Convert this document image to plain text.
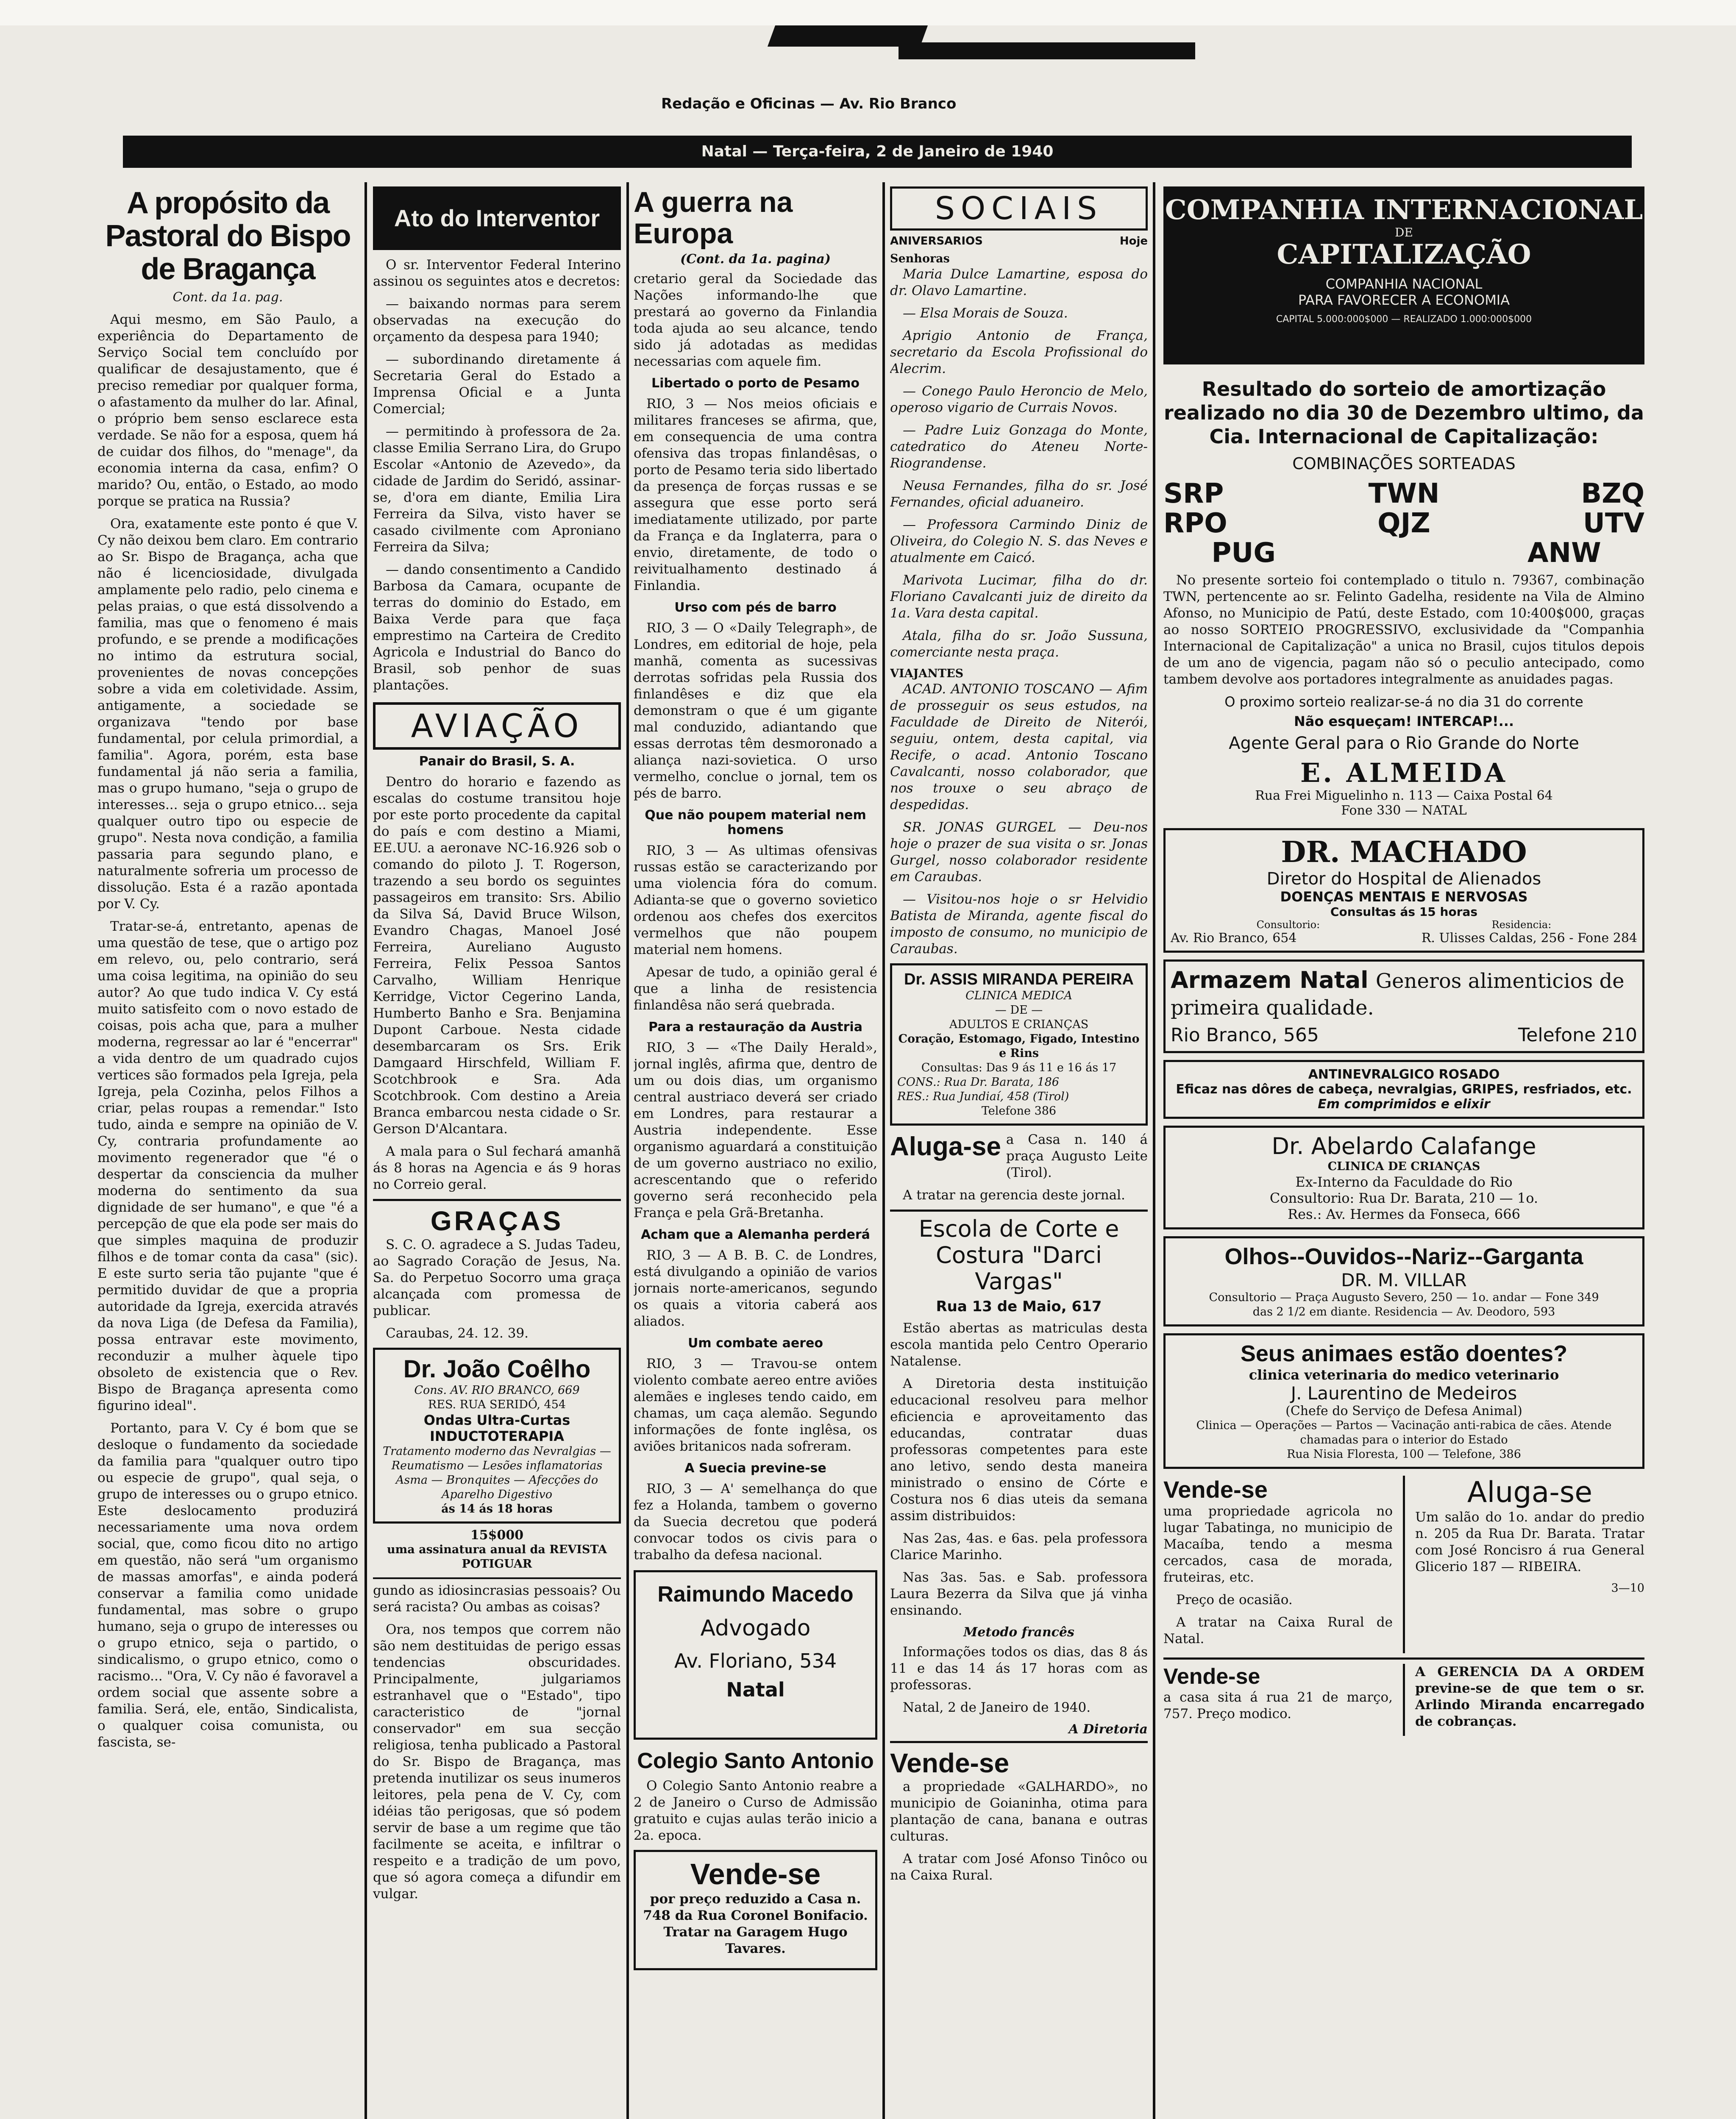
Redação e Oficinas — Av. Rio Branco
Natal — Terça-feira, 2 de Janeiro de 1940
A propósito da Pastoral do Bispo de Bragança
Cont. da 1a. pag.

Aqui mesmo, em São Paulo, a experiência do Departamento de Serviço Social tem concluído por qualificar de desajustamento, que é preciso remediar por qualquer forma, o afastamento da mulher do lar. Afinal, o próprio bem senso esclarece esta verdade. Se não for a esposa, quem há de cuidar dos filhos, do "menage", da economia interna da casa, enfim? O marido? Ou, então, o Estado, ao modo porque se pratica na Russia?

Ora, exatamente este ponto é que V. Cy não deixou bem claro. Em contrario ao Sr. Bispo de Bragança, acha que não é licenciosidade, divulgada amplamente pelo radio, pelo cinema e pelas praias, o que está dissolvendo a familia, mas que o fenomeno é mais profundo, e se prende a modificações no intimo da estrutura social, provenientes de novas concepções sobre a vida em coletividade. Assim, antigamente, a sociedade se organizava "tendo por base fundamental, por celula primordial, a familia". Agora, porém, esta base fundamental já não seria a familia, mas o grupo humano, "seja o grupo de interesses... seja o grupo etnico... seja qualquer outro tipo ou especie de grupo". Nesta nova condição, a familia passaria para segundo plano, e naturalmente sofreria um processo de dissolução. Esta é a razão apontada por V. Cy.

Tratar-se-á, entretanto, apenas de uma questão de tese, que o artigo poz em relevo, ou, pelo contrario, será uma coisa legitima, na opinião do seu autor? Ao que tudo indica V. Cy está muito satisfeito com o novo estado de coisas, pois acha que, para a mulher moderna, regressar ao lar é "encerrar" a vida dentro de um quadrado cujos vertices são formados pela Igreja, pela Igreja, pela Cozinha, pelos Filhos a criar, pelas roupas a remendar." Isto tudo, ainda e sempre na opinião de V. Cy, contraria profundamente ao movimento regenerador que "é o despertar da consciencia da mulher moderna do sentimento da sua dignidade de ser humano", e que "é a percepção de que ela pode ser mais do que simples maquina de produzir filhos e de tomar conta da casa" (sic). E este surto seria tão pujante "que é permitido duvidar de que a propria autoridade da Igreja, exercida através da nova Liga (de Defesa da Familia), possa entravar este movimento, reconduzir a mulher àquele tipo obsoleto de existencia que o Rev. Bispo de Bragança apresenta como figurino ideal".

Portanto, para V. Cy é bom que se desloque o fundamento da sociedade da familia para "qualquer outro tipo ou especie de grupo", qual seja, o grupo de interesses ou o grupo etnico. Este deslocamento produzirá necessariamente uma nova ordem social, que, como ficou dito no artigo em questão, não será "um organismo de massas amorfas", e ainda poderá conservar a familia como unidade fundamental, mas sobre o grupo humano, seja o grupo de interesses ou o grupo etnico, seja o partido, o sindicalismo, o grupo etnico, como o racismo... "Ora, V. Cy não é favoravel a ordem social que assente sobre a familia. Será, ele, então, Sindicalista, o qualquer coisa comunista, ou fascista, se-

Ato do Interventor

O sr. Interventor Federal Interino assinou os seguintes atos e decretos:

— baixando normas para serem observadas na execução do orçamento da despesa para 1940;

— subordinando diretamente á Secretaria Geral do Estado a Imprensa Oficial e a Junta Comercial;

— permitindo à professora de 2a. classe Emilia Serrano Lira, do Grupo Escolar «Antonio de Azevedo», da cidade de Jardim do Seridó, assinar-se, d'ora em diante, Emilia Lira Ferreira da Silva, visto haver se casado civilmente com Aproniano Ferreira da Silva;

— dando consentimento a Candido Barbosa da Camara, ocupante de terras do dominio do Estado, em Baixa Verde para que faça emprestimo na Carteira de Credito Agricola e Industrial do Banco do Brasil, sob penhor de suas plantações.

AVIAÇÃO
Panair do Brasil, S. A.

Dentro do horario e fazendo as escalas do costume transitou hoje por este porto procedente da capital do país e com destino a Miami, EE.UU. a aeronave NC-16.926 sob o comando do piloto J. T. Rogerson, trazendo a seu bordo os seguintes passageiros em transito: Srs. Abilio da Silva Sá, David Bruce Wilson, Evandro Chagas, Manoel José Ferreira, Aureliano Augusto Ferreira, Felix Pessoa Santos Carvalho, William Henrique Kerridge, Victor Cegerino Landa, Humberto Banho e Sra. Benjamina Dupont Carboue. Nesta cidade desembarcaram os Srs. Erik Damgaard Hirschfeld, William F. Scotchbrook e Sra. Ada Scotchbrook. Com destino a Areia Branca embarcou nesta cidade o Sr. Gerson D'Alcantara.

A mala para o Sul fechará amanhã ás 8 horas na Agencia e ás 9 horas no Correio geral.

GRAÇAS

S. C. O. agradece a S. Judas Tadeu, ao Sagrado Coração de Jesus, Na. Sa. do Perpetuo Socorro uma graça alcançada com promessa de publicar.

Caraubas, 24. 12. 39.

Dr. João Coêlho
Cons. AV. RIO BRANCO, 669
RES. RUA SERIDÓ, 454
Ondas Ultra-Curtas
INDUCTOTERAPIA
Tratamento moderno das Nevralgias — Reumatismo — Lesões inflamatorias
Asma — Bronquites — Afecções do Aparelho Digestivo
ás 14 ás 18 horas
15$000
uma assinatura anual da REVISTA POTIGUAR

gundo as idiosincrasias pessoais? Ou será racista? Ou ambas as coisas?

Ora, nos tempos que correm não são nem destituidas de perigo essas tendencias obscuridades. Principalmente, julgariamos estranhavel que o "Estado", tipo caracteristico de "jornal conservador" em sua secção religiosa, tenha publicado a Pastoral do Sr. Bispo de Bragança, mas pretenda inutilizar os seus inumeros leitores, pela pena de V. Cy, com idéias tão perigosas, que só podem servir de base a um regime que tão facilmente se aceita, e infiltrar o respeito e a tradição de um povo, que só agora começa a difundir em vulgar.

A guerra na Europa
(Cont. da 1a. pagina)

cretario geral da Sociedade das Nações informando-lhe que prestará ao governo da Finlandia toda ajuda ao seu alcance, tendo sido já adotadas as medidas necessarias com aquele fim.

Libertado o porto de Pesamo

RIO, 3 — Nos meios oficiais e militares franceses se afirma, que, em consequencia de uma contra ofensiva das tropas finlandêsas, o porto de Pesamo teria sido libertado da presença de forças russas e se assegura que esse porto será imediatamente utilizado, por parte da França e da Inglaterra, para o envio, diretamente, de todo o reivitualhamento destinado á Finlandia.

Urso com pés de barro

RIO, 3 — O «Daily Telegraph», de Londres, em editorial de hoje, pela manhã, comenta as sucessivas derrotas sofridas pela Russia dos finlandêses e diz que ela demonstram o que é um gigante mal conduzido, adiantando que essas derrotas têm desmoronado a aliança nazi-sovietica. O urso vermelho, conclue o jornal, tem os pés de barro.

Que não poupem material nem homens

RIO, 3 — As ultimas ofensivas russas estão se caracterizando por uma violencia fóra do comum. Adianta-se que o governo sovietico ordenou aos chefes dos exercitos vermelhos que não poupem material nem homens.

Apesar de tudo, a opinião geral é que a linha de resistencia finlandêsa não será quebrada.

Para a restauração da Austria

RIO, 3 — «The Daily Herald», jornal inglês, afirma que, dentro de um ou dois dias, um organismo central austriaco deverá ser criado em Londres, para restaurar a Austria independente. Esse organismo aguardará a constituição de um governo austriaco no exilio, acrescentando que o referido governo será reconhecido pela França e pela Grã-Bretanha.

Acham que a Alemanha perderá

RIO, 3 — A B. B. C. de Londres, está divulgando a opinião de varios jornais norte-americanos, segundo os quais a vitoria caberá aos aliados.

Um combate aereo

RIO, 3 — Travou-se ontem violento combate aereo entre aviões alemães e ingleses tendo caido, em chamas, um caça alemão. Segundo informações de fonte inglêsa, os aviões britanicos nada sofreram.

A Suecia previne-se

RIO, 3 — A' semelhança do que fez a Holanda, tambem o governo da Suecia decretou que poderá convocar todos os civis para o trabalho da defesa nacional.

Raimundo Macedo
Advogado
Av. Floriano, 534
Natal
Colegio Santo Antonio

O Colegio Santo Antonio reabre a 2 de Janeiro o Curso de Admissão gratuito e cujas aulas terão inicio a 2a. epoca.

Vende-se

por preço reduzido a Casa n. 748 da Rua Coronel Bonifacio. Tratar na Garagem Hugo Tavares.

SOCIAIS
ANIVERSARIOS	Hoje
Senhoras

Maria Dulce Lamartine, esposa do dr. Olavo Lamartine.

— Elsa Morais de Souza.

Aprigio Antonio de França, secretario da Escola Profissional do Alecrim.

— Conego Paulo Heroncio de Melo, operoso vigario de Currais Novos.

— Padre Luiz Gonzaga do Monte, catedratico do Ateneu Norte-Riograndense.

Neusa Fernandes, filha do sr. José Fernandes, oficial aduaneiro.

— Professora Carmindo Diniz de Oliveira, do Colegio N. S. das Neves e atualmente em Caicó.

Marivota Lucimar, filha do dr. Floriano Cavalcanti juiz de direito da 1a. Vara desta capital.

Atala, filha do sr. João Sussuna, comerciante nesta praça.

VIAJANTES

ACAD. ANTONIO TOSCANO — Afim de prosseguir os seus estudos, na Faculdade de Direito de Niterói, seguiu, ontem, desta capital, via Recife, o acad. Antonio Toscano Cavalcanti, nosso colaborador, que nos trouxe o seu abraço de despedidas.

SR. JONAS GURGEL — Deu-nos hoje o prazer de sua visita o sr. Jonas Gurgel, nosso colaborador residente em Caraubas.

— Visitou-nos hoje o sr Helvidio Batista de Miranda, agente fiscal do imposto de consumo, no municipio de Caraubas.

Dr. ASSIS MIRANDA PEREIRA
CLINICA MEDICA
— DE —
ADULTOS E CRIANÇAS
Coração, Estomago, Figado, Intestino e Rins
Consultas: Das 9 ás 11 e 16 ás 17
CONS.: Rua Dr. Barata, 186
RES.: Rua Jundiaí, 458 (Tirol)
Telefone 386
Aluga-se a Casa n. 140 á praça Augusto Leite (Tirol).

A tratar na gerencia deste jornal.

Escola de Corte e Costura "Darci Vargas"
Rua 13 de Maio, 617

Estão abertas as matriculas desta escola mantida pelo Centro Operario Natalense.

A Diretoria desta instituição educacional resolveu para melhor eficiencia e aproveitamento das educandas, contratar duas professoras competentes para este ano letivo, sendo desta maneira ministrado o ensino de Córte e Costura nos 6 dias uteis da semana assim distribuidos:

Nas 2as, 4as. e 6as. pela professora Clarice Marinho.

Nas 3as. 5as. e Sab. professora Laura Bezerra da Silva que já vinha ensinando.

Metodo francês

Informações todos os dias, das 8 ás 11 e das 14 ás 17 horas com as professoras.

Natal, 2 de Janeiro de 1940.

A Diretoria
Vende-se

a propriedade «GALHARDO», no municipio de Goianinha, otima para plantação de cana, banana e outras culturas.

A tratar com José Afonso Tinôco ou na Caixa Rural.

COMPANHIA INTERNACIONAL
DE
CAPITALIZAÇÃO
COMPANHIA NACIONAL
PARA FAVORECER A ECONOMIA
CAPITAL 5.000:000$000 — REALIZADO 1.000:000$000
Resultado do sorteio de amortização realizado no dia 30 de Dezembro ultimo, da Cia. Internacional de Capitalização:
COMBINAÇÕES SORTEADAS
SRP	TWN	BZQ
RPO	QJZ	UTV
PUG	ANW

No presente sorteio foi contemplado o titulo n. 79367, combinação TWN, pertencente ao sr. Felinto Gadelha, residente na Vila de Almino Afonso, no Municipio de Patú, deste Estado, com 10:400$000, graças ao nosso SORTEIO PROGRESSIVO, exclusividade da "Companhia Internacional de Capitalização" a unica no Brasil, cujos titulos depois de um ano de vigencia, pagam não só o peculio antecipado, como tambem devolve aos portadores integralmente as anuidades pagas.

O proximo sorteio realizar-se-á no dia 31 do corrente
Não esqueçam! INTERCAP!...
Agente Geral para o Rio Grande do Norte
E. ALMEIDA
Rua Frei Miguelinho n. 113 — Caixa Postal 64
Fone 330 — NATAL
DR. MACHADO
Diretor do Hospital de Alienados
DOENÇAS MENTAIS E NERVOSAS
Consultas ás 15 horas
Consultorio:	Residencia:
Av. Rio Branco, 654	R. Ulisses Caldas, 256 - Fone 284
Armazem Natal Generos alimenticios de primeira qualidade.
Rio Branco, 565	Telefone 210
ANTINEVRALGICO ROSADO
Eficaz nas dôres de cabeça, nevralgias, GRIPES, resfriados, etc.
Em comprimidos e elixir
Dr. Abelardo Calafange
CLINICA DE CRIANÇAS
Ex-Interno da Faculdade do Rio
Consultorio: Rua Dr. Barata, 210 — 1o.
Res.: Av. Hermes da Fonseca, 666
Olhos--Ouvidos--Nariz--Garganta
DR. M. VILLAR
Consultorio — Praça Augusto Severo, 250 — 1o. andar — Fone 349
das 2 1/2 em diante. Residencia — Av. Deodoro, 593
Seus animaes estão doentes?
clinica veterinaria do medico veterinario
J. Laurentino de Medeiros
(Chefe do Serviço de Defesa Animal)
Clinica — Operações — Partos — Vacinação anti-rabica de cães. Atende chamadas para o interior do Estado
Rua Nisia Floresta, 100 — Telefone, 386
Vende-se

uma propriedade agricola no lugar Tabatinga, no municipio de Macaíba, tendo a mesma cercados, casa de morada, fruteiras, etc.

Preço de ocasião.

A tratar na Caixa Rural de Natal.

Aluga-se

Um salão do 1o. andar do predio n. 205 da Rua Dr. Barata. Tratar com José Roncisro á rua General Glicerio 187 — RIBEIRA.

3—10
Vende-se

a casa sita á rua 21 de março, 757. Preço modico.

A GERENCIA DA A ORDEM previne-se de que tem o sr. Arlindo Miranda encarregado de cobranças.
